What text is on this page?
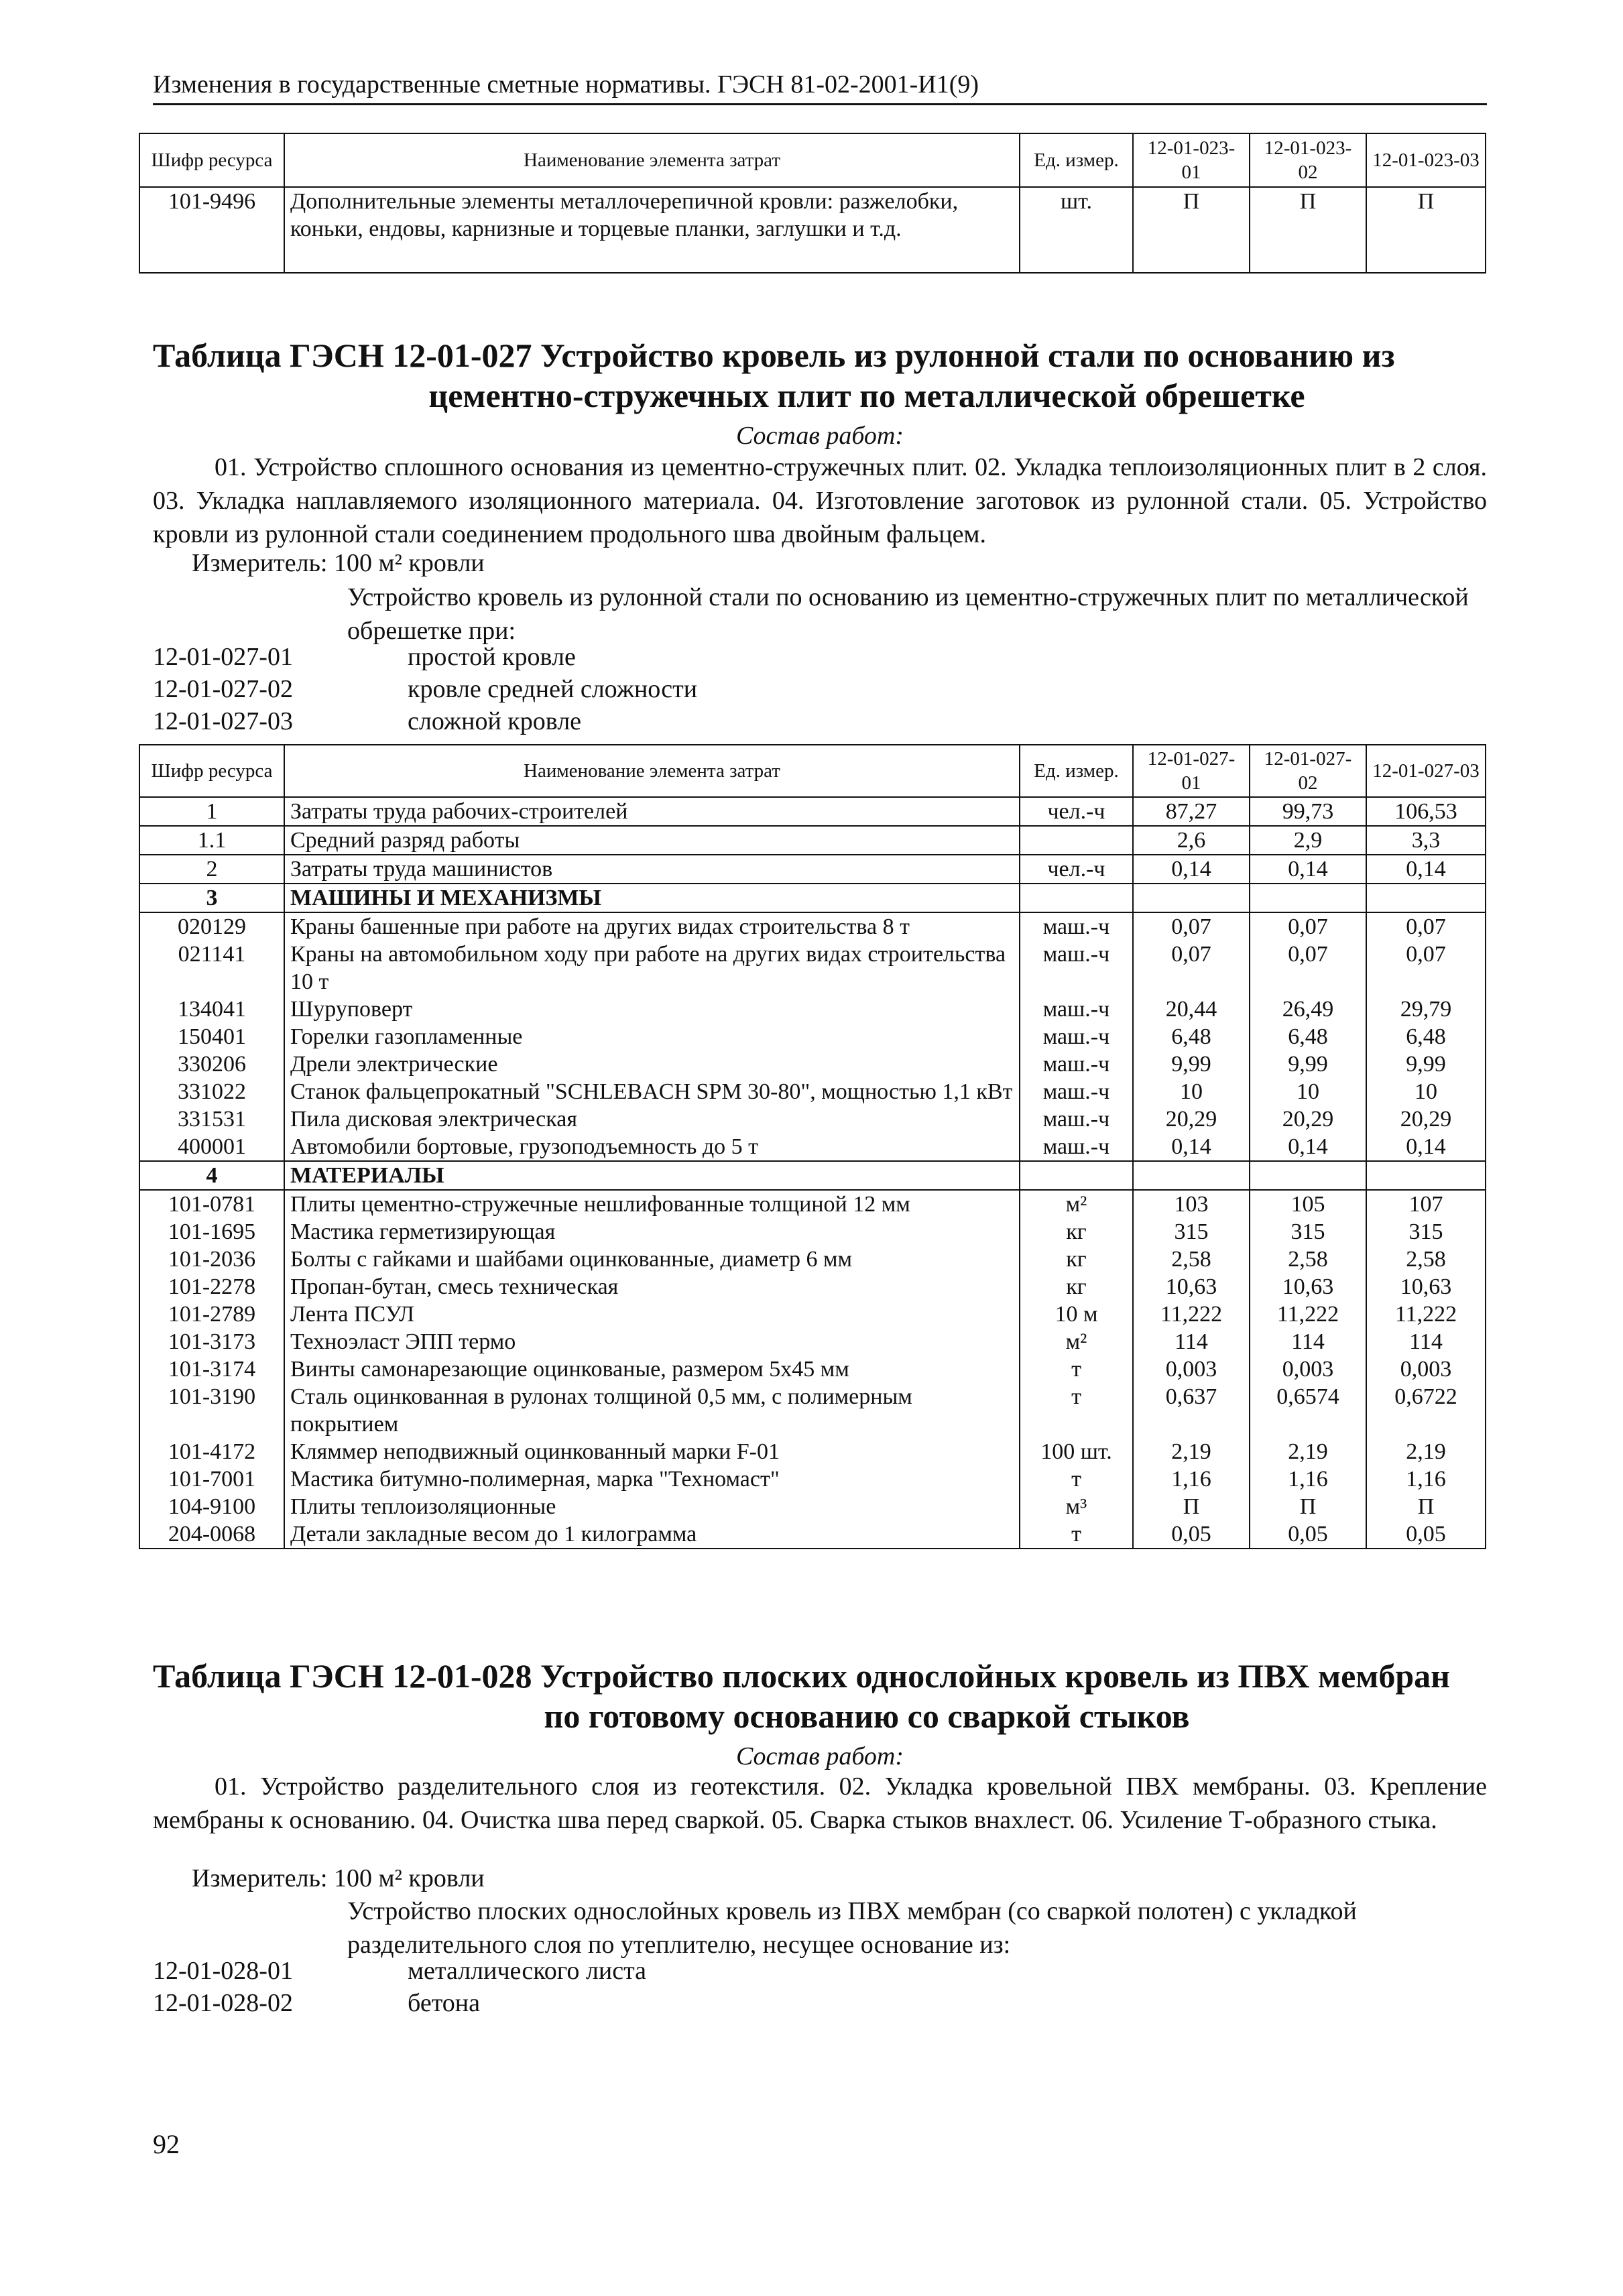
Изменения в государственные сметные нормативы. ГЭСН 81-02-2001-И1(9)
Шифр ресурса	Наименование элемента затрат	Ед. измер.	12-01-023-01	12-01-023-02	12-01-023-03
101-9496	Дополнительные элементы металлочерепичной кровли: разжелобки, коньки, ендовы, карнизные и торцевые планки, заглушки и т.д.	шт.	П	П	П
Таблица ГЭСН 12-01-027 Устройство кровель из рулонной стали по основанию из
цементно-стружечных плит по металлической обрешетке
Состав работ:
01. Устройство сплошного основания из цементно-стружечных плит. 02. Укладка теплоизоляционных плит в 2 слоя. 03. Укладка наплавляемого изоляционного материала. 04. Изготовление заготовок из рулонной стали. 05. Устройство кровли из рулонной стали соединением продольного шва двойным фальцем.
Измеритель: 100 м² кровли
Устройство кровель из рулонной стали по основанию из цементно-стружечных плит по металлической обрешетке при:
12-01-027-01	простой кровле
12-01-027-02	кровле средней сложности
12-01-027-03	сложной кровле
Шифр ресурса	Наименование элемента затрат	Ед. измер.	12-01-027-01	12-01-027-02	12-01-027-03
1	Затраты труда рабочих-строителей	чел.-ч	87,27	99,73	106,53
1.1	Средний разряд работы		2,6	2,9	3,3
2	Затраты труда машинистов	чел.-ч	0,14	0,14	0,14
3	МАШИНЫ И МЕХАНИЗМЫ				
020129	Краны башенные при работе на других видах строительства 8 т	маш.-ч	0,07	0,07	0,07
021141	Краны на автомобильном ходу при работе на других видах строительства 10 т	маш.-ч	0,07	0,07	0,07
134041	Шуруповерт	маш.-ч	20,44	26,49	29,79
150401	Горелки газопламенные	маш.-ч	6,48	6,48	6,48
330206	Дрели электрические	маш.-ч	9,99	9,99	9,99
331022	Станок фальцепрокатный "SCHLEBACH SPM 30-80", мощностью 1,1 кВт	маш.-ч	10	10	10
331531	Пила дисковая электрическая	маш.-ч	20,29	20,29	20,29
400001	Автомобили бортовые, грузоподъемность до 5 т	маш.-ч	0,14	0,14	0,14
4	МАТЕРИАЛЫ				
101-0781	Плиты цементно-стружечные нешлифованные толщиной 12 мм	м²	103	105	107
101-1695	Мастика герметизирующая	кг	315	315	315
101-2036	Болты с гайками и шайбами оцинкованные, диаметр 6 мм	кг	2,58	2,58	2,58
101-2278	Пропан-бутан, смесь техническая	кг	10,63	10,63	10,63
101-2789	Лента ПСУЛ	10 м	11,222	11,222	11,222
101-3173	Техноэласт ЭПП термо	м²	114	114	114
101-3174	Винты самонарезающие оцинкованые, размером 5х45 мм	т	0,003	0,003	0,003
101-3190	Сталь оцинкованная в рулонах толщиной 0,5 мм, с полимерным покрытием	т	0,637	0,6574	0,6722
101-4172	Кляммер неподвижный оцинкованный марки F-01	100 шт.	2,19	2,19	2,19
101-7001	Мастика битумно-полимерная, марка "Техномаст"	т	1,16	1,16	1,16
104-9100	Плиты теплоизоляционные	м³	П	П	П
204-0068	Детали закладные весом до 1 килограмма	т	0,05	0,05	0,05
Таблица ГЭСН 12-01-028 Устройство плоских однослойных кровель из ПВХ мембран
по готовому основанию со сваркой стыков
Состав работ:
01. Устройство разделительного слоя из геотекстиля. 02. Укладка кровельной ПВХ мембраны. 03. Крепление мембраны к основанию. 04. Очистка шва перед сваркой. 05. Сварка стыков внахлест. 06. Усиление Т-образного стыка.
Измеритель: 100 м² кровли
Устройство плоских однослойных кровель из ПВХ мембран (со сваркой полотен) с укладкой разделительного слоя по утеплителю, несущее основание из:
12-01-028-01	металлического листа
12-01-028-02	бетона
92
